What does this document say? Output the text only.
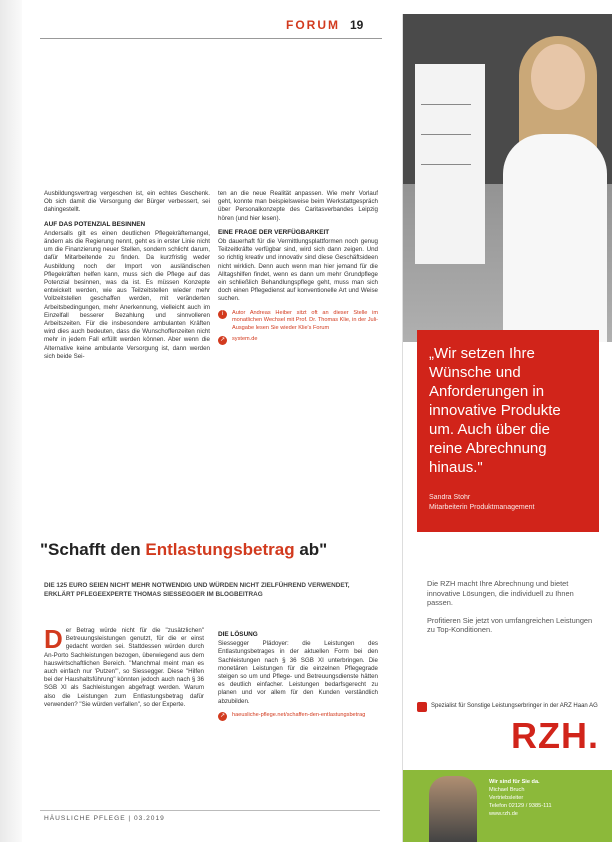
FORUM 19

Ausbildungsvertrag vergeschen ist, ein echtes Geschenk. Ob sich damit die Versorgung der Bürger verbessert, sei dahingestellt.

AUF DAS POTENZIAL BESINNEN

Andersalls gilt es einen deutlichen Pflegekräftemangel, ändern als die Regierung nennt, geht es in erster Linie nicht um die Finanzierung neuer Stellen, sondern schlicht darum, dafür Mitarbeitende zu finden. Da kurzfristig weder Ausbildung noch der Import von ausländischen Pflegekräften helfen kann, muss sich die Pflege auf das Potenzial besinnen, was da ist. Es müssen Konzepte entwickelt werden, wie aus Teilzeitstellen wieder mehr Vollzeitstellen geschaffen werden, mit veränderten Arbeitsbedingungen, mehr Anerkennung, vielleicht auch im Einzelfall besserer Bezahlung und sinnvolleren Arbeitszeiten. Für die insbesondere ambulanten Kräften wird dies auch bedeuten, dass die Wunschoffenzeiten nicht mehr in jedem Fall erfüllt werden können. Aber wenn die Alternative keine ambulante Versorgung ist, dann werden sich beide Sei-

ten an die neue Realität anpassen. Wie mehr Vorlauf geht, konnte man beispielsweise beim Werkstattgespräch über Personalkonzepte des Caritasverbandes Leipzig hören (und hier lesen).

EINE FRAGE DER VERFÜGBARKEIT

Ob dauerhaft für die Vermittlungsplattformen noch genug Teilzeitkräfte verfügbar sind, wird sich dann zeigen. Und so richtig kreativ und innovativ sind diese Geschäftsideen nicht wirklich. Denn auch wenn man hier jemand für die Alltagshilfen findet, wenn es dann um mehr Grundpflege ein schließlich Behandlungspflege geht, muss man sich doch einen Pflegedienst auf konventionelle Art und Weise suchen.

i	Autor Andreas Heiber sitzt oft an dieser Stelle im monatlichen Wechsel mit Prof. Dr. Thomas Klie, in der Juli-Ausgabe lesen Sie wieder Klie's Forum
↗	system.de
"Schafft den Entlastungsbetrag ab"
DIE 125 EURO SEIEN NICHT MEHR NOTWENDIG UND WÜRDEN NICHT ZIELFÜHREND VERWENDET, ERKLÄRT PFLEGEEXPERTE THOMAS SIESSEGGER IM BLOGBEITRAG

Der Betrag würde nicht für die "zusätzlichen" Betreuungsleistungen genutzt, für die er einst gedacht worden sei. Stattdessen würden durch An-Porto Sachleistungen bezogen, überwiegend aus dem hauswirtschaftlichen Bereich. "Manchmal meint man es auch einfach nur 'Putzen'", so Siessegger. Diese "Hilfen bei der Haushaltsführung" könnten jedoch auch nach § 36 SGB XI als Sachleistungen abgefragt werden. Warum also die Leistungen zum Entlastungsbetrag dafür verwenden? "Sie würden verfallen", so der Experte.

DIE LÖSUNG

Siessegger Plädoyer: die Leistungen des Entlastungsbetrages in der aktuellen Form bei den Sachleistungen nach § 36 SGB XI unterbringen. Die monetären Leistungen für die einzelnen Pflegegrade steigen so um und Pflege- und Betreuungsdienste hätten es deutlich einfacher. Leistungen bedarfsgerecht zu planen und vor allem für den Kunden verständlich abzubilden.

↗	haeusliche-pflege.net/schaffen-den-entlastungsbetrag
HÄUSLICHE PFLEGE | 03.2019
„Wir setzen Ihre Wünsche und Anforderungen in innovative Produkte um. Auch über die reine Abrechnung hinaus."
Sandra Stohr
Mitarbeiterin Produktmanagement

Die RZH macht Ihre Abrechnung und bietet innovative Lösungen, die individuell zu Ihnen passen.

Profitieren Sie jetzt von umfangreichen Leistungen zu Top-Konditionen.

Spezialist für Sonstige Leistungserbringer in der ARZ Haan AG
RZH.
Wir sind für Sie da.
Michael Bruch
Vertriebsleiter
Telefon 02129 / 9385-111
www.rzh.de
